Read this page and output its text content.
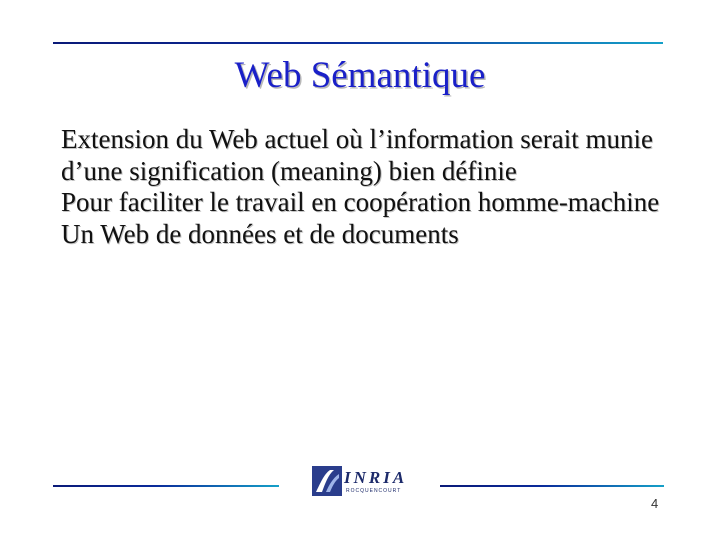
Web Sémantique

Extension du Web actuel où l’information serait munie d’une signification (meaning) bien définie

Pour faciliter le travail en coopération homme-machine

Un Web de données et de documents

INRIA
ROCQUENCOURT
4
